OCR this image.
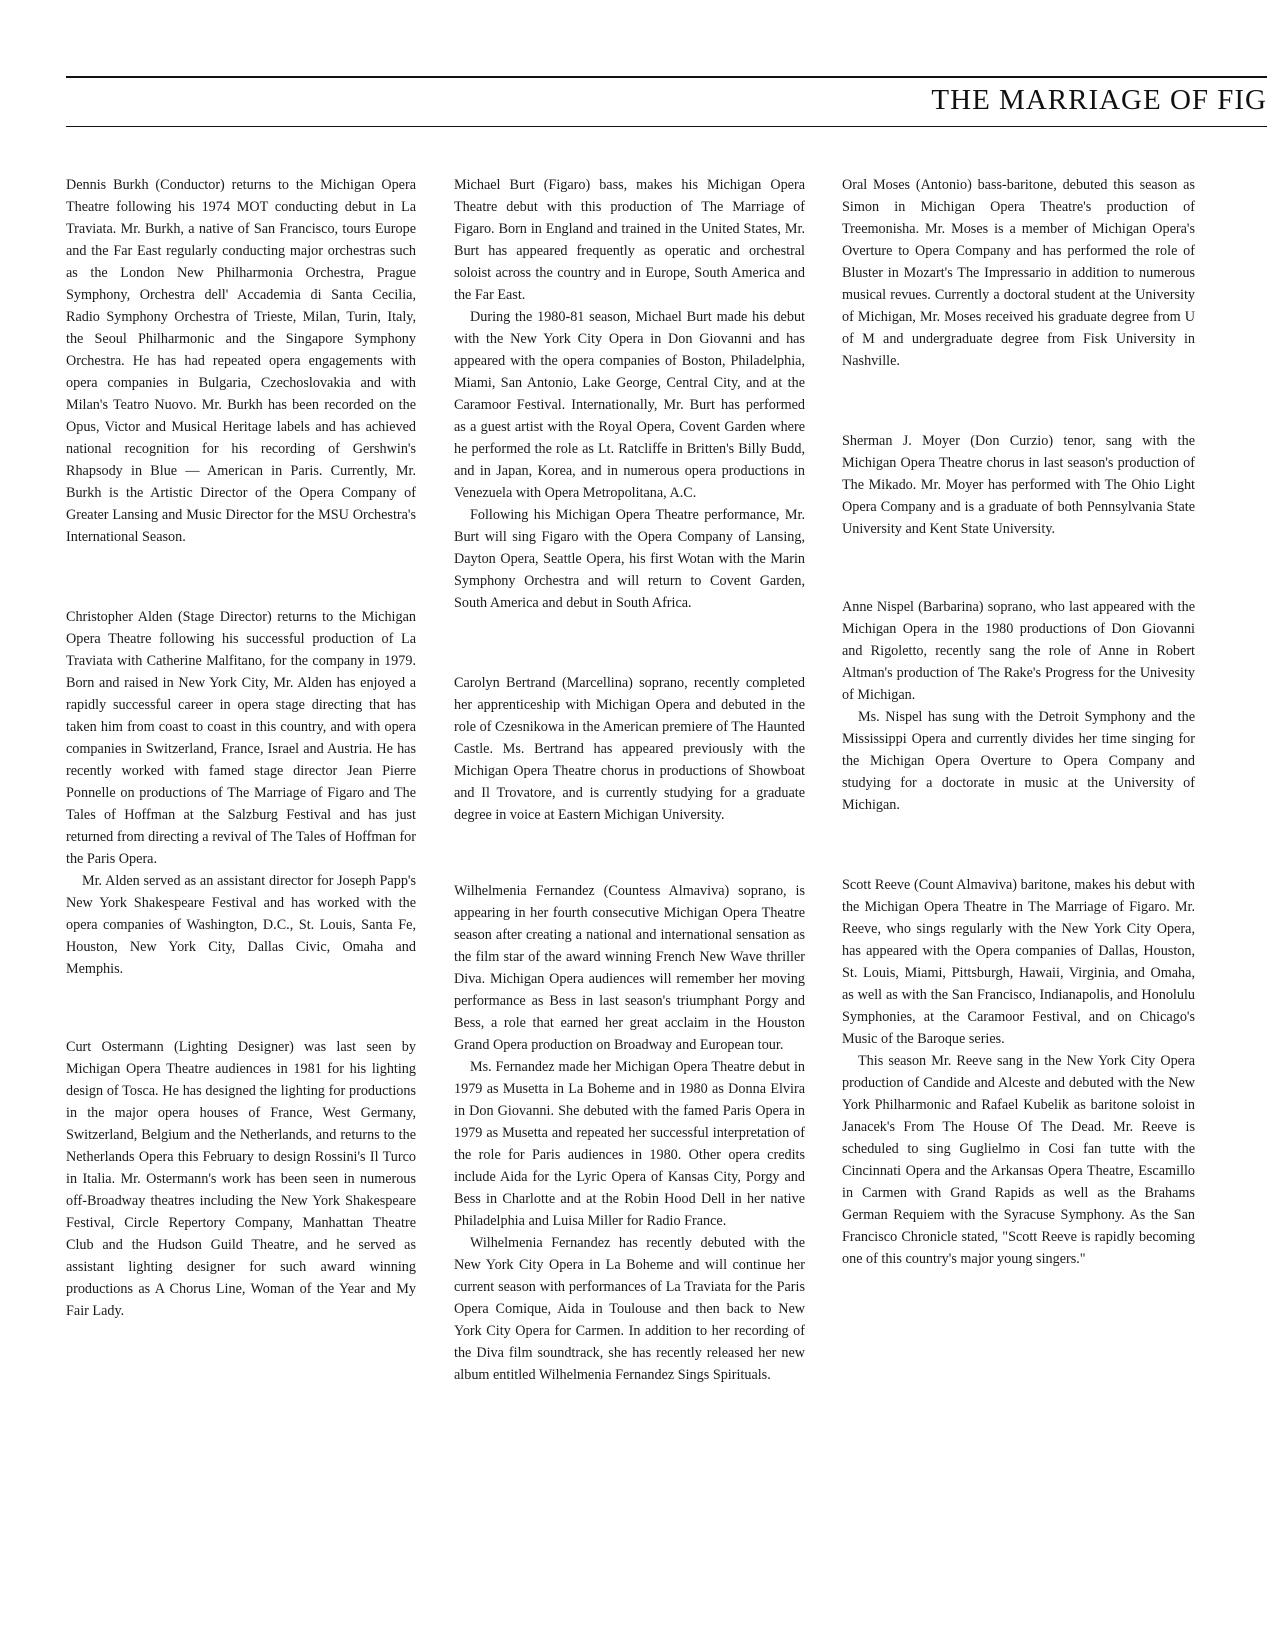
THE MARRIAGE OF FIG

Dennis Burkh (Conductor) returns to the Michigan Opera Theatre following his 1974 MOT conducting debut in La Traviata. Mr. Burkh, a native of San Francisco, tours Europe and the Far East regularly conducting major orchestras such as the London New Philharmonia Orchestra, Prague Symphony, Orchestra dell' Accademia di Santa Cecilia, Radio Symphony Orchestra of Trieste, Milan, Turin, Italy, the Seoul Philharmonic and the Singapore Symphony Orchestra. He has had repeated opera engagements with opera companies in Bulgaria, Czechoslovakia and with Milan's Teatro Nuovo. Mr. Burkh has been recorded on the Opus, Victor and Musical Heritage labels and has achieved national recognition for his recording of Gershwin's Rhapsody in Blue — American in Paris. Currently, Mr. Burkh is the Artistic Director of the Opera Company of Greater Lansing and Music Director for the MSU Orchestra's International Season.

Christopher Alden (Stage Director) returns to the Michigan Opera Theatre following his successful production of La Traviata with Catherine Malfitano, for the company in 1979. Born and raised in New York City, Mr. Alden has enjoyed a rapidly successful career in opera stage directing that has taken him from coast to coast in this country, and with opera companies in Switzerland, France, Israel and Austria. He has recently worked with famed stage director Jean Pierre Ponnelle on productions of The Marriage of Figaro and The Tales of Hoffman at the Salzburg Festival and has just returned from directing a revival of The Tales of Hoffman for the Paris Opera.

Mr. Alden served as an assistant director for Joseph Papp's New York Shakespeare Festival and has worked with the opera companies of Washington, D.C., St. Louis, Santa Fe, Houston, New York City, Dallas Civic, Omaha and Memphis.

Curt Ostermann (Lighting Designer) was last seen by Michigan Opera Theatre audiences in 1981 for his lighting design of Tosca. He has designed the lighting for productions in the major opera houses of France, West Germany, Switzerland, Belgium and the Netherlands, and returns to the Netherlands Opera this February to design Rossini's Il Turco in Italia. Mr. Ostermann's work has been seen in numerous off-Broadway theatres including the New York Shakespeare Festival, Circle Repertory Company, Manhattan Theatre Club and the Hudson Guild Theatre, and he served as assistant lighting designer for such award winning productions as A Chorus Line, Woman of the Year and My Fair Lady.

Michael Burt (Figaro) bass, makes his Michigan Opera Theatre debut with this production of The Marriage of Figaro. Born in England and trained in the United States, Mr. Burt has appeared frequently as operatic and orchestral soloist across the country and in Europe, South America and the Far East.

During the 1980-81 season, Michael Burt made his debut with the New York City Opera in Don Giovanni and has appeared with the opera companies of Boston, Philadelphia, Miami, San Antonio, Lake George, Central City, and at the Caramoor Festival. Internationally, Mr. Burt has performed as a guest artist with the Royal Opera, Covent Garden where he performed the role as Lt. Ratcliffe in Britten's Billy Budd, and in Japan, Korea, and in numerous opera productions in Venezuela with Opera Metropolitana, A.C.

Following his Michigan Opera Theatre performance, Mr. Burt will sing Figaro with the Opera Company of Lansing, Dayton Opera, Seattle Opera, his first Wotan with the Marin Symphony Orchestra and will return to Covent Garden, South America and debut in South Africa.

Carolyn Bertrand (Marcellina) soprano, recently completed her apprenticeship with Michigan Opera and debuted in the role of Czesnikowa in the American premiere of The Haunted Castle. Ms. Bertrand has appeared previously with the Michigan Opera Theatre chorus in productions of Showboat and Il Trovatore, and is currently studying for a graduate degree in voice at Eastern Michigan University.

Wilhelmenia Fernandez (Countess Almaviva) soprano, is appearing in her fourth consecutive Michigan Opera Theatre season after creating a national and international sensation as the film star of the award winning French New Wave thriller Diva. Michigan Opera audiences will remember her moving performance as Bess in last season's triumphant Porgy and Bess, a role that earned her great acclaim in the Houston Grand Opera production on Broadway and European tour.

Ms. Fernandez made her Michigan Opera Theatre debut in 1979 as Musetta in La Boheme and in 1980 as Donna Elvira in Don Giovanni. She debuted with the famed Paris Opera in 1979 as Musetta and repeated her successful interpretation of the role for Paris audiences in 1980. Other opera credits include Aida for the Lyric Opera of Kansas City, Porgy and Bess in Charlotte and at the Robin Hood Dell in her native Philadelphia and Luisa Miller for Radio France.

Wilhelmenia Fernandez has recently debuted with the New York City Opera in La Boheme and will continue her current season with performances of La Traviata for the Paris Opera Comique, Aida in Toulouse and then back to New York City Opera for Carmen. In addition to her recording of the Diva film soundtrack, she has recently released her new album entitled Wilhelmenia Fernandez Sings Spirituals.

Oral Moses (Antonio) bass-baritone, debuted this season as Simon in Michigan Opera Theatre's production of Treemonisha. Mr. Moses is a member of Michigan Opera's Overture to Opera Company and has performed the role of Bluster in Mozart's The Impressario in addition to numerous musical revues. Currently a doctoral student at the University of Michigan, Mr. Moses received his graduate degree from U of M and undergraduate degree from Fisk University in Nashville.

Sherman J. Moyer (Don Curzio) tenor, sang with the Michigan Opera Theatre chorus in last season's production of The Mikado. Mr. Moyer has performed with The Ohio Light Opera Company and is a graduate of both Pennsylvania State University and Kent State University.

Anne Nispel (Barbarina) soprano, who last appeared with the Michigan Opera in the 1980 productions of Don Giovanni and Rigoletto, recently sang the role of Anne in Robert Altman's production of The Rake's Progress for the Univesity of Michigan.

Ms. Nispel has sung with the Detroit Symphony and the Mississippi Opera and currently divides her time singing for the Michigan Opera Overture to Opera Company and studying for a doctorate in music at the University of Michigan.

Scott Reeve (Count Almaviva) baritone, makes his debut with the Michigan Opera Theatre in The Marriage of Figaro. Mr. Reeve, who sings regularly with the New York City Opera, has appeared with the Opera companies of Dallas, Houston, St. Louis, Miami, Pittsburgh, Hawaii, Virginia, and Omaha, as well as with the San Francisco, Indianapolis, and Honolulu Symphonies, at the Caramoor Festival, and on Chicago's Music of the Baroque series.

This season Mr. Reeve sang in the New York City Opera production of Candide and Alceste and debuted with the New York Philharmonic and Rafael Kubelik as baritone soloist in Janacek's From The House Of The Dead. Mr. Reeve is scheduled to sing Guglielmo in Cosi fan tutte with the Cincinnati Opera and the Arkansas Opera Theatre, Escamillo in Carmen with Grand Rapids as well as the Brahams German Requiem with the Syracuse Symphony. As the San Francisco Chronicle stated, "Scott Reeve is rapidly becoming one of this country's major young singers."
